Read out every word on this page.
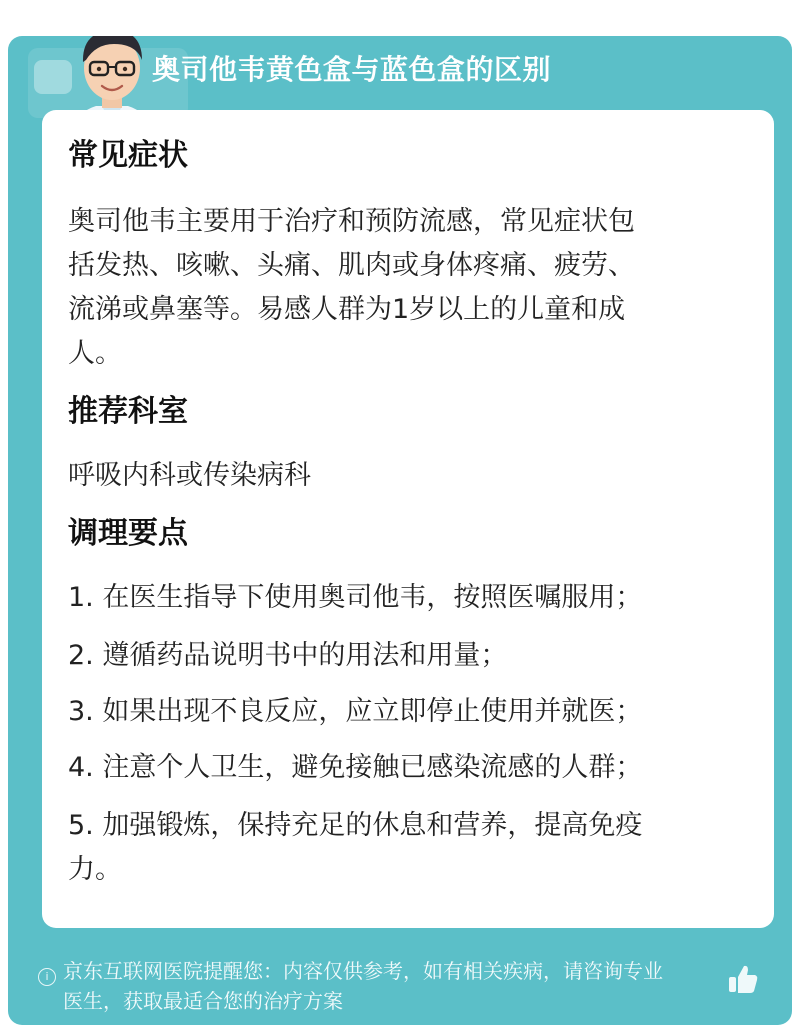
奥司他韦黄色盒与蓝色盒的区别
常见症状
奥司他韦主要用于治疗和预防流感，常见症状包
括发热、咳嗽、头痛、肌肉或身体疼痛、疲劳、
流涕或鼻塞等。易感人群为1岁以上的儿童和成
人。
推荐科室
呼吸内科或传染病科
调理要点
1. 在医生指导下使用奥司他韦，按照医嘱服用；
2. 遵循药品说明书中的用法和用量；
3. 如果出现不良反应，应立即停止使用并就医；
4. 注意个人卫生，避免接触已感染流感的人群；
5. 加强锻炼，保持充足的休息和营养，提高免疫
力。
i 京东互联网医院提醒您：内容仅供参考，如有相关疾病，请咨询专业
医生，获取最适合您的治疗方案
